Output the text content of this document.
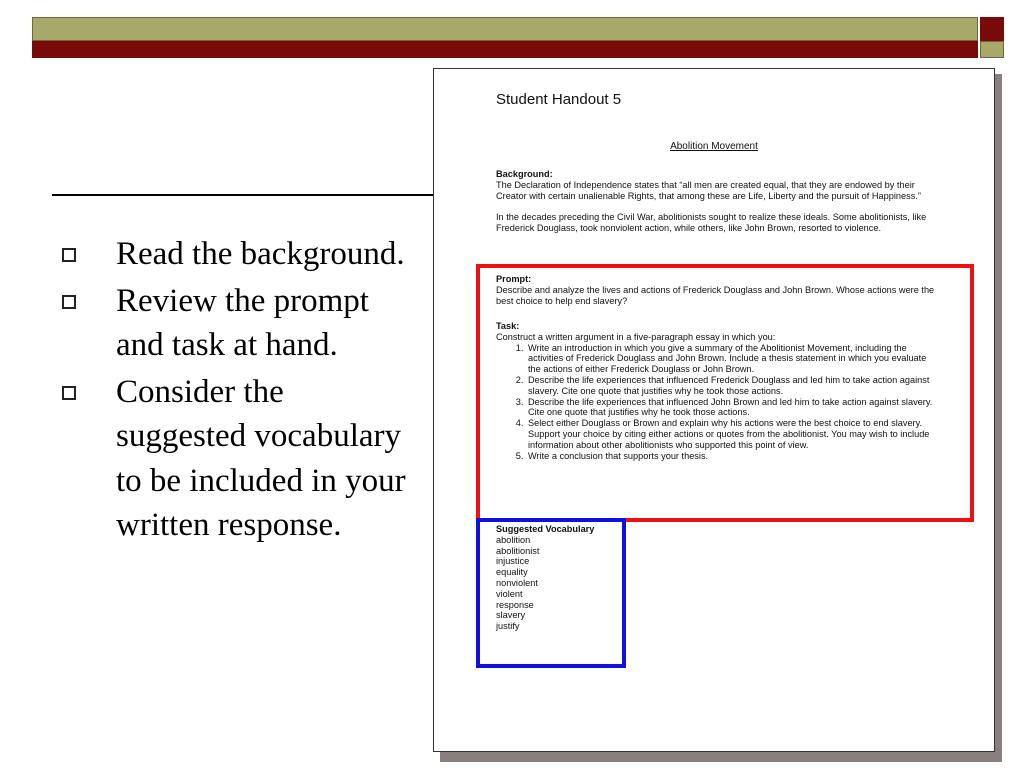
Read the background.
Review the prompt and task at hand.
Consider the suggested vocabulary to be included in your written response.
Student Handout 5
Abolition Movement
Background:
The Declaration of Independence states that “all men are created equal, that they are endowed by their Creator with certain unalienable Rights, that among these are Life, Liberty and the pursuit of Happiness.”
In the decades preceding the Civil War, abolitionists sought to realize these ideals. Some abolitionists, like Frederick Douglass, took nonviolent action, while others, like John Brown, resorted to violence.
Prompt:
Describe and analyze the lives and actions of Frederick Douglass and John Brown. Whose actions were the best choice to help end slavery?
Task:
Construct a written argument in a five-paragraph essay in which you:
1. Write an introduction in which you give a summary of the Abolitionist Movement, including the activities of Frederick Douglass and John Brown. Include a thesis statement in which you evaluate the actions of either Frederick Douglass or John Brown.
2. Describe the life experiences that influenced Frederick Douglass and led him to take action against slavery. Cite one quote that justifies why he took those actions.
3. Describe the life experiences that influenced John Brown and led him to take action against slavery. Cite one quote that justifies why he took those actions.
4. Select either Douglass or Brown and explain why his actions were the best choice to end slavery. Support your choice by citing either actions or quotes from the abolitionist. You may wish to include information about other abolitionists who supported this point of view.
5. Write a conclusion that supports your thesis.
Suggested Vocabulary
abolition
abolitionist
injustice
equality
nonviolent
violent
response
slavery
justify
